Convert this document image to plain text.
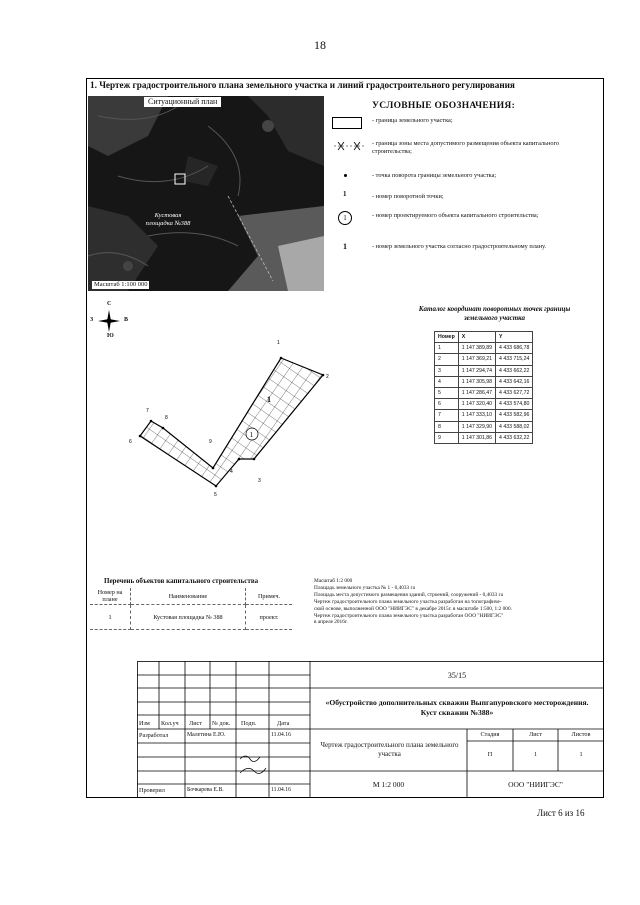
18
1. Чертеж градостроительного плана земельного участка и линий градостроительного регулирования
Ситуационный план
Кустовая площадка №388
Масштаб 1:100 000
УСЛОВНЫЕ ОБОЗНАЧЕНИЯ:
- граница земельного участка;
- граница зоны места допустимого размещения объекта капитального строительства;
- точка поворота границы земельного участка;
1	- номер поворотной точки;
1	- номер проектируемого объекта капитального строительства;
1	- номер земельного участка согласно градостроительному плану.
С
Ю
З	В
Каталог координат поворотных точек границы земельного участка
Номер	X	Y
1	1 147 389,89	4 433 686,78
2	1 147 369,21	4 433 715,24
3	1 147 294,74	4 433 662,22
4	1 147 305,98	4 433 642,16
5	1 147 286,47	4 433 627,72
6	1 147 320,40	4 433 574,80
7	1 147 333,10	4 433 582,96
8	1 147 329,90	4 433 588,02
9	1 147 301,86	4 433 632,22
1
2
3
4
5
6
7
8
9
1
1
Перечень объектов капитального строительства
Номер на плане	Наименование	Примеч.
1	Кустовая площадка № 388	проект.
Масштаб 1:2 000
Площадь земельного участка № 1 - 0,4033 га
Площадь места допустимого размещения зданий, строений, сооружений - 0,4033 га
Чертеж градостроительного плана земельного участка разработан на топографиче-
ской основе, выполненной ООО "НИИГЭС" в декабре 2015г. в масштабе 1:500, 1:2 000.
Чертеж градостроительного плана земельного участка разработан ООО "НИИГЭС"
в апреле 2016г.
35/15
«Обустройство дополнительных скважин Выпгапуровского месторождения. Куст скважин №388»
Изм Кол.уч Лист № док. Подп.	Дата
Разработал	Малетина Е.Ю.	11.04.16
Проверил	Бочкарева Е.В.	11.04.16
Чертеж градостроительного плана земельного участка
Стадия	Лист	Листов
П	1	1
М 1:2 000	ООО "НИИГЭС"
Лист 6 из 16
